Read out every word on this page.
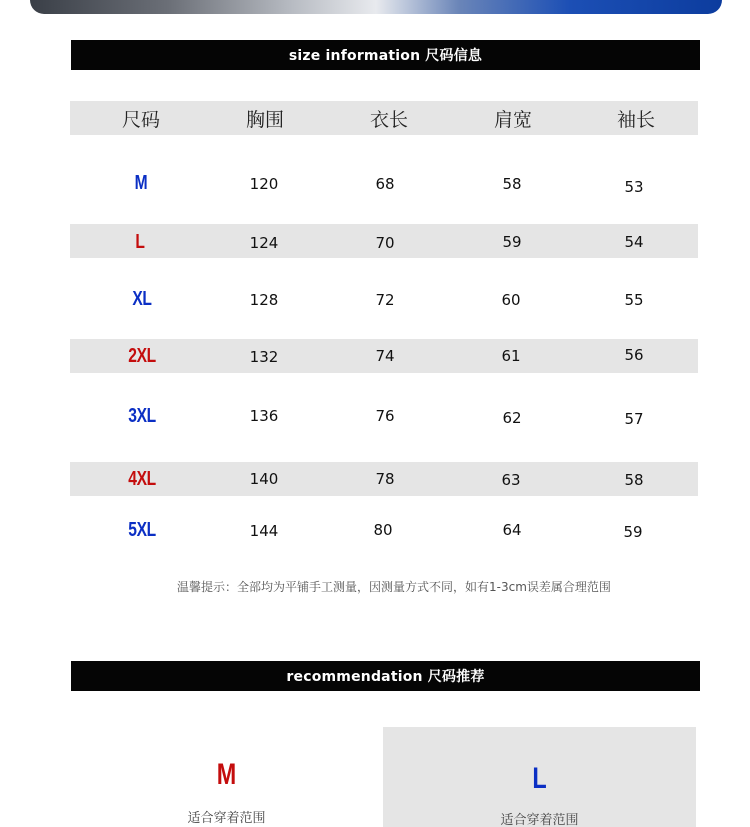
size information 尺码信息
尺码	胸围	衣长	肩宽	袖长
M	120	68	58	53
L	124	70	59	54
XL	128	72	60	55
2XL	132	74	61	56
3XL	136	76	62	57
4XL	140	78	63	58
5XL	144	80	64	59
温馨提示：全部均为平铺手工测量，因测量方式不同，如有1-3cm误差属合理范围
recommendation 尺码推荐
M
适合穿着范围
L
适合穿着范围
